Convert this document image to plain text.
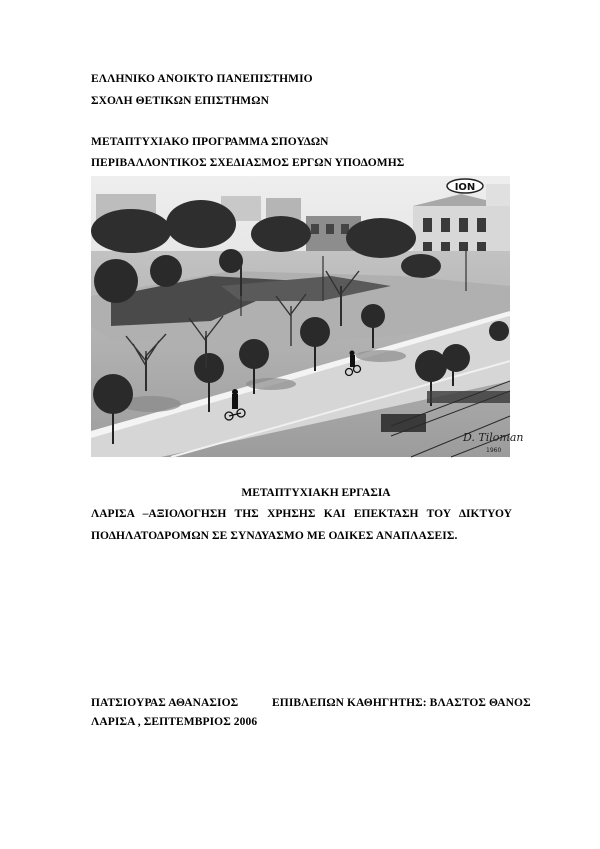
ΕΛΛΗΝΙΚΟ ΑΝΟΙΚΤΟ ΠΑΝΕΠΙΣΤΗΜΙΟ
ΣΧΟΛΗ ΘΕΤΙΚΩΝ ΕΠΙΣΤΗΜΩΝ
ΜΕΤΑΠΤΥΧΙΑΚΟ ΠΡΟΓΡΑΜΜΑ ΣΠΟΥΔΩΝ
ΠΕΡΙΒΑΛΛΟΝΤΙΚΟΣ ΣΧΕΔΙΑΣΜΟΣ ΕΡΓΩΝ ΥΠΟΔΟΜΗΣ
ΙΟΝ
D. Tiloman
1960
ΜΕΤΑΠΤΥΧΙΑΚΗ ΕΡΓΑΣΙΑ
ΛΑΡΙΣΑ –ΑΞΙΟΛΟΓΗΣΗ ΤΗΣ ΧΡΗΣΗΣ ΚΑΙ ΕΠΕΚΤΑΣΗ ΤΟΥ ΔΙΚΤΥΟΥ
ΠΟΔΗΛΑΤΟΔΡΟΜΩΝ ΣΕ ΣΥΝΔΥΑΣΜΟ ΜΕ ΟΔΙΚΕΣ ΑΝΑΠΛΑΣΕΙΣ.
ΠΑΤΣΙΟΥΡΑΣ ΑΘΑΝΑΣΙΟΣ	ΕΠΙΒΛΕΠΩΝ ΚΑΘΗΓΗΤΗΣ: ΒΛΑΣΤΟΣ ΘΑΝΟΣ
ΛΑΡΙΣΑ , ΣΕΠΤΕΜΒΡΙΟΣ 2006
